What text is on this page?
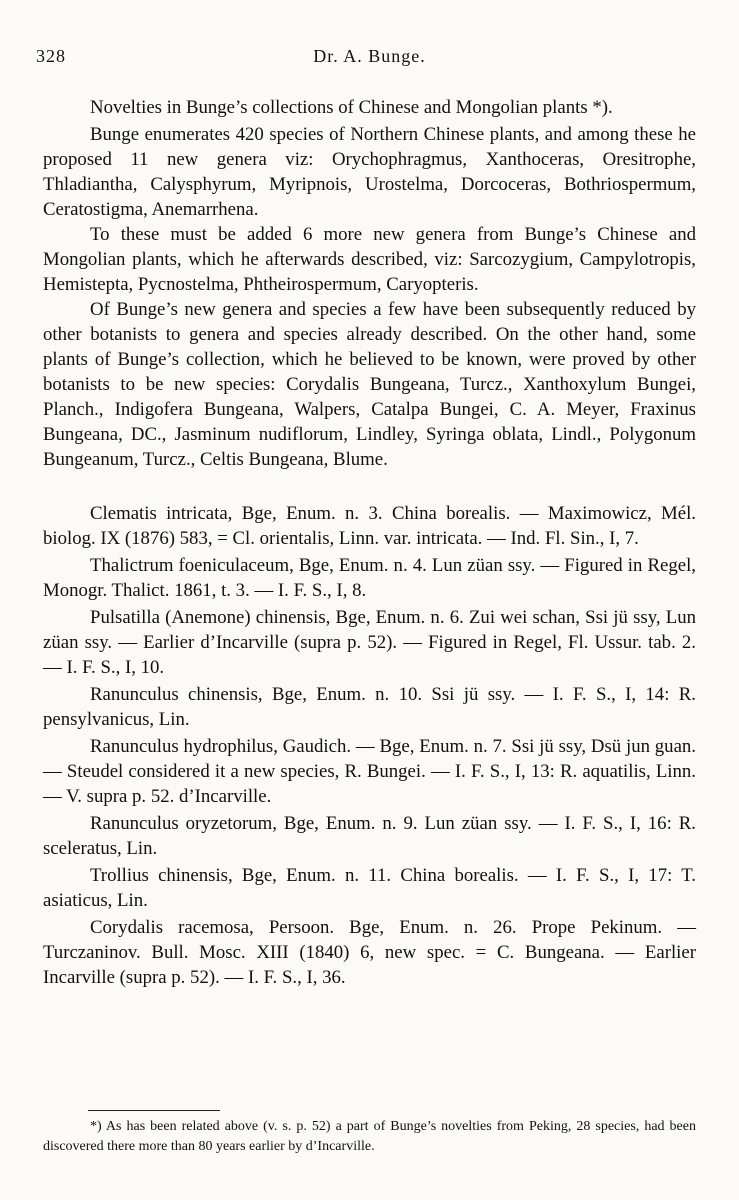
328	Dr. A. Bunge.

Novelties in Bunge’s collections of Chinese and Mongolian plants *).

Bunge enumerates 420 species of Northern Chinese plants, and among these he proposed 11 new genera viz: Orychophragmus, Xanthoceras, Oresitrophe, Thladiantha, Calysphyrum, Myripnois, Urostelma, Dorcoceras, Bothriospermum, Ceratostigma, Anemarrhena.

To these must be added 6 more new genera from Bunge’s Chinese and Mongolian plants, which he afterwards described, viz: Sarcozygium, Campylotropis, Hemistepta, Pycnostelma, Phtheirospermum, Caryopteris.

Of Bunge’s new genera and species a few have been subsequently reduced by other botanists to genera and species already described. On the other hand, some plants of Bunge’s collection, which he believed to be known, were proved by other botanists to be new species: Corydalis Bungeana, Turcz., Xanthoxylum Bungei, Planch., Indigofera Bungeana, Walpers, Catalpa Bungei, C. A. Meyer, Fraxinus Bungeana, DC., Jasminum nudiflorum, Lindley, Syringa oblata, Lindl., Polygonum Bungeanum, Turcz., Celtis Bungeana, Blume.

Clematis intricata, Bge, Enum. n. 3. China borealis. — Maximowicz, Mél. biolog. IX (1876) 583, = Cl. orientalis, Linn. var. intricata. — Ind. Fl. Sin., I, 7.

Thalictrum foeniculaceum, Bge, Enum. n. 4. Lun züan ssy. — Figured in Regel, Monogr. Thalict. 1861, t. 3. — I. F. S., I, 8.

Pulsatilla (Anemone) chinensis, Bge, Enum. n. 6. Zui wei schan, Ssi jü ssy, Lun züan ssy. — Earlier d’Incarville (supra p. 52). — Figured in Regel, Fl. Ussur. tab. 2. — I. F. S., I, 10.

Ranunculus chinensis, Bge, Enum. n. 10. Ssi jü ssy. — I. F. S., I, 14: R. pensylvanicus, Lin.

Ranunculus hydrophilus, Gaudich. — Bge, Enum. n. 7. Ssi jü ssy, Dsü jun guan. — Steudel considered it a new species, R. Bungei. — I. F. S., I, 13: R. aquatilis, Linn. — V. supra p. 52. d’Incarville.

Ranunculus oryzetorum, Bge, Enum. n. 9. Lun züan ssy. — I. F. S., I, 16: R. sceleratus, Lin.

Trollius chinensis, Bge, Enum. n. 11. China borealis. — I. F. S., I, 17: T. asiaticus, Lin.

Corydalis racemosa, Persoon. Bge, Enum. n. 26. Prope Pekinum. — Turczaninov. Bull. Mosc. XIII (1840) 6, new spec. = C. Bungeana. — Earlier Incarville (supra p. 52). — I. F. S., I, 36.

*) As has been related above (v. s. p. 52) a part of Bunge’s novelties from Peking, 28 species, had been discovered there more than 80 years earlier by d’Incarville.
